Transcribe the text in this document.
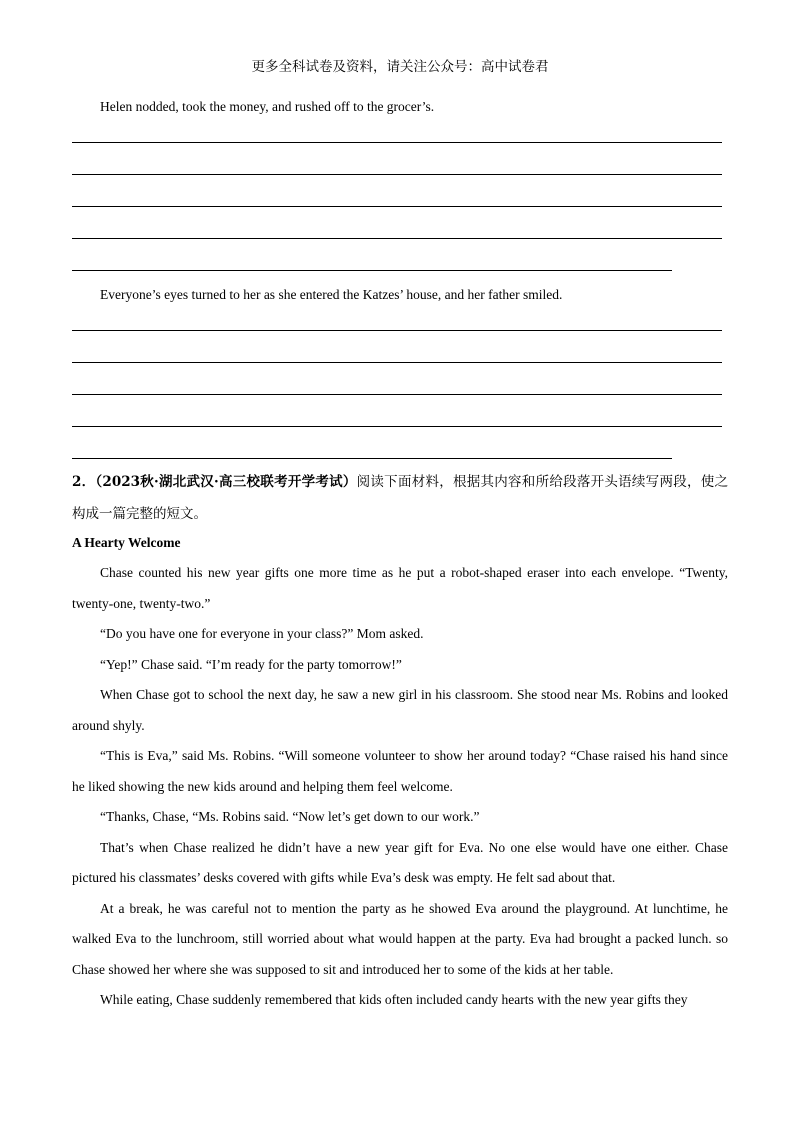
更多全科试卷及资料，请关注公众号：高中试卷君
Helen nodded, took the money, and rushed off to the grocer’s.
Everyone’s eyes turned to her as she entered the Katzes’ house, and her father smiled.
2．（2023秋·湖北武汉·高三校联考开学考试）阅读下面材料，根据其内容和所给段落开头语续写两段，使之构成一篇完整的短文。
A Hearty Welcome

Chase counted his new year gifts one more time as he put a robot-shaped eraser into each envelope. “Twenty, twenty-one, twenty-two.”

“Do you have one for everyone in your class?” Mom asked.

“Yep!” Chase said. “I’m ready for the party tomorrow!”

When Chase got to school the next day, he saw a new girl in his classroom. She stood near Ms. Robins and looked around shyly.

“This is Eva,” said Ms. Robins. “Will someone volunteer to show her around today? “Chase raised his hand since he liked showing the new kids around and helping them feel welcome.

“Thanks, Chase, “Ms. Robins said. “Now let’s get down to our work.”

That’s when Chase realized he didn’t have a new year gift for Eva. No one else would have one either. Chase pictured his classmates’ desks covered with gifts while Eva’s desk was empty. He felt sad about that.

At a break, he was careful not to mention the party as he showed Eva around the playground. At lunchtime, he walked Eva to the lunchroom, still worried about what would happen at the party. Eva had brought a packed lunch. so Chase showed her where she was supposed to sit and introduced her to some of the kids at her table.

While eating, Chase suddenly remembered that kids often included candy hearts with the new year gifts they
